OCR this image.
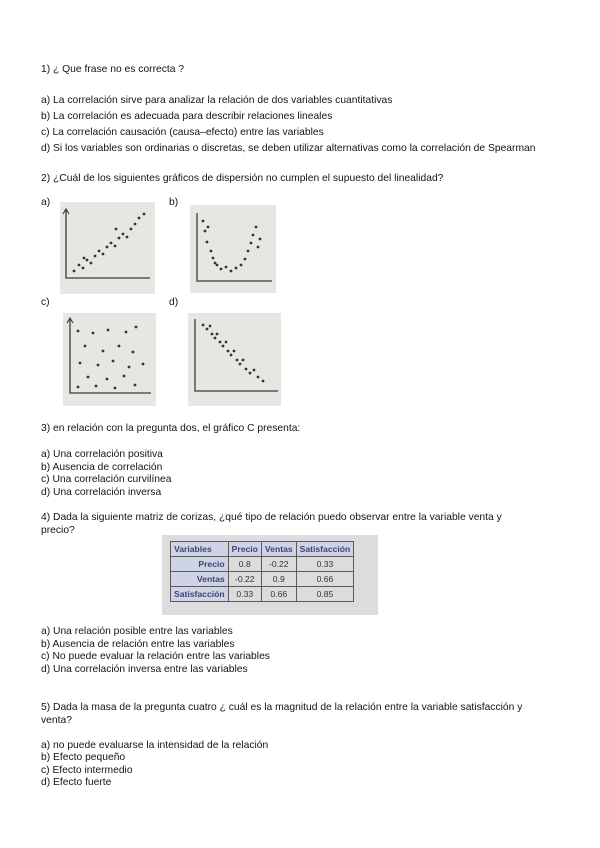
1) ¿ Que frase no es correcta ?
a) La correlación sirve para analizar la relación de dos variables cuantitativas
b) La correlación es adecuada para describir relaciones lineales
c) La correlación causación (causa–efecto) entre las variables
d) Si los variables son ordinarias o discretas, se deben utilizar alternativas como la correlación de Spearman
2) ¿Cuál de los siguientes gráficos de dispersión no cumplen el supuesto del linealidad?
a)	b)
c)	d)
3) en relación con la pregunta dos, el gráfico C presenta:
a) Una correlación positiva
b) Ausencia de correlación
c) Una correlación curvilínea
d) Una correlación inversa
4) Dada la siguiente matriz de corizas, ¿qué tipo de relación puedo observar entre la variable venta y
precio?
Variables	Precio	Ventas	Satisfacción
Precio	0.8	-0.22	0.33
Ventas	-0.22	0.9	0.66
Satisfacción	0.33	0.66	0.85
a) Una relación posible entre las variables
b) Ausencia de relación entre las variables
c) No puede evaluar la relación entre las variables
d) Una correlación inversa entre las variables
5) Dada la masa de la pregunta cuatro ¿ cuál es la magnitud de la relación entre la variable satisfacción y
venta?
a) no puede evaluarse la intensidad de la relación
b) Efecto pequeño
c) Efecto intermedio
d) Efecto fuerte
